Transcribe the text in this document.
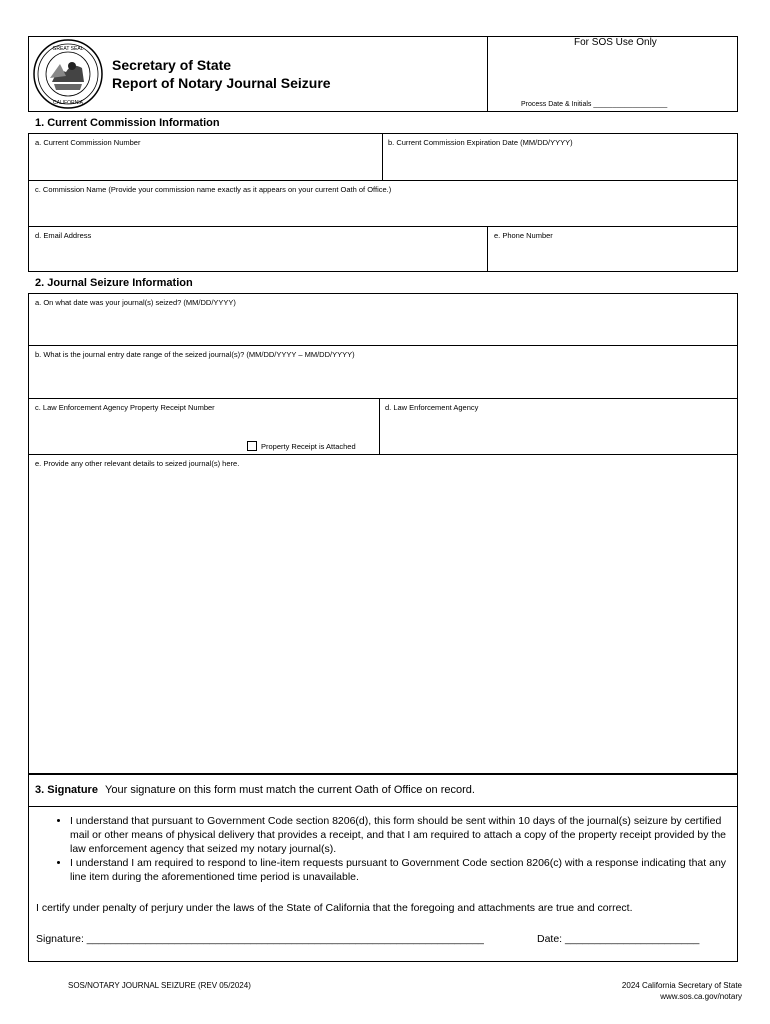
GREAT SEAL
CALIFORNIA
Secretary of State
Report of Notary Journal Seizure
For SOS Use Only
Process Date & Initials ___________________
1. Current Commission Information
a. Current Commission Number	b. Current Commission Expiration Date (MM/DD/YYYY)
c. Commission Name (Provide your commission name exactly as it appears on your current Oath of Office.)
d. Email Address	e. Phone Number
2. Journal Seizure Information
a. On what date was your journal(s) seized? (MM/DD/YYYY)
b. What is the journal entry date range of the seized journal(s)? (MM/DD/YYYY – MM/DD/YYYY)
c. Law Enforcement Agency Property Receipt Number
Property Receipt is Attached
d. Law Enforcement Agency
e. Provide any other relevant details to seized journal(s) here.
3. Signature Your signature on this form must match the current Oath of Office on record.
• I understand that pursuant to Government Code section 8206(d), this form should be sent within 10 days of the journal(s) seizure by certified mail or other means of physical delivery that provides a receipt, and that I am required to attach a copy of the property receipt provided by the law enforcement agency that seized my notary journal(s).
• I understand I am required to respond to line-item requests pursuant to Government Code section 8206(c) with a response indicating that any line item during the aforementioned time period is unavailable.
I certify under penalty of perjury under the laws of the State of California that the foregoing and attachments are true and correct.
Signature: ____________________________________________________________________	Date: _______________________
SOS/NOTARY JOURNAL SEIZURE (REV 05/2024)	2024 California Secretary of State
www.sos.ca.gov/notary
